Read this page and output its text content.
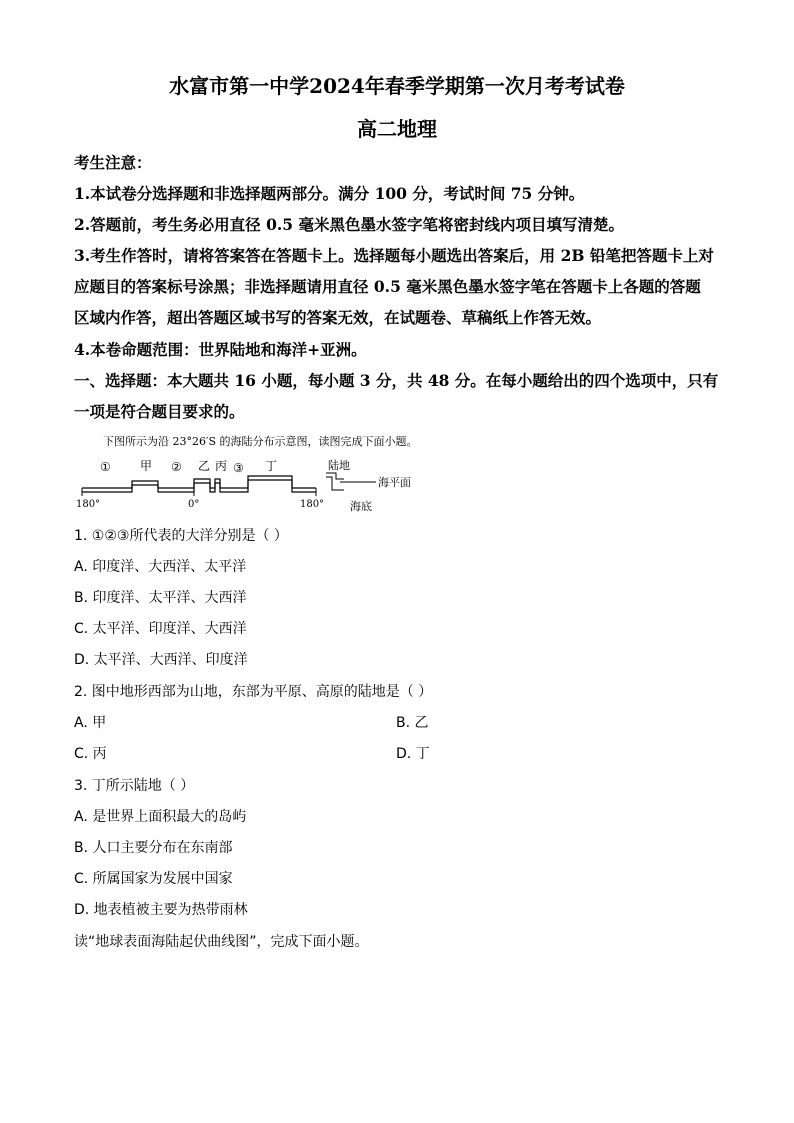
水富市第一中学2024年春季学期第一次月考考试卷
高二地理
考生注意：
1.本试卷分选择题和非选择题两部分。满分 100 分，考试时间 75 分钟。
2.答题前，考生务必用直径 0.5 毫米黑色墨水签字笔将密封线内项目填写清楚。
3.考生作答时，请将答案答在答题卡上。选择题每小题选出答案后，用 2B 铅笔把答题卡上对
应题目的答案标号涂黑；非选择题请用直径 0.5 毫米黑色墨水签字笔在答题卡上各题的答题
区域内作答，超出答题区域书写的答案无效，在试题卷、草稿纸上作答无效。
4.本卷命题范围：世界陆地和海洋+亚洲。
一、选择题：本大题共 16 小题，每小题 3 分，共 48 分。在每小题给出的四个选项中，只有
一项是符合题目要求的。
下图所示为沿 23°26′S 的海陆分布示意图，读图完成下面小题。
① 甲 ② 乙 丙 ③ 丁
180°	0°	180°
陆地
海平面
海底
1. ①②③所代表的大洋分别是（ ）
A. 印度洋、大西洋、太平洋
B. 印度洋、太平洋、大西洋
C. 太平洋、印度洋、大西洋
D. 太平洋、大西洋、印度洋
2. 图中地形西部为山地，东部为平原、高原的陆地是（ ）
A. 甲	B. 乙
C. 丙	D. 丁
3. 丁所示陆地（ ）
A. 是世界上面积最大的岛屿
B. 人口主要分布在东南部
C. 所属国家为发展中国家
D. 地表植被主要为热带雨林
读“地球表面海陆起伏曲线图”，完成下面小题。
